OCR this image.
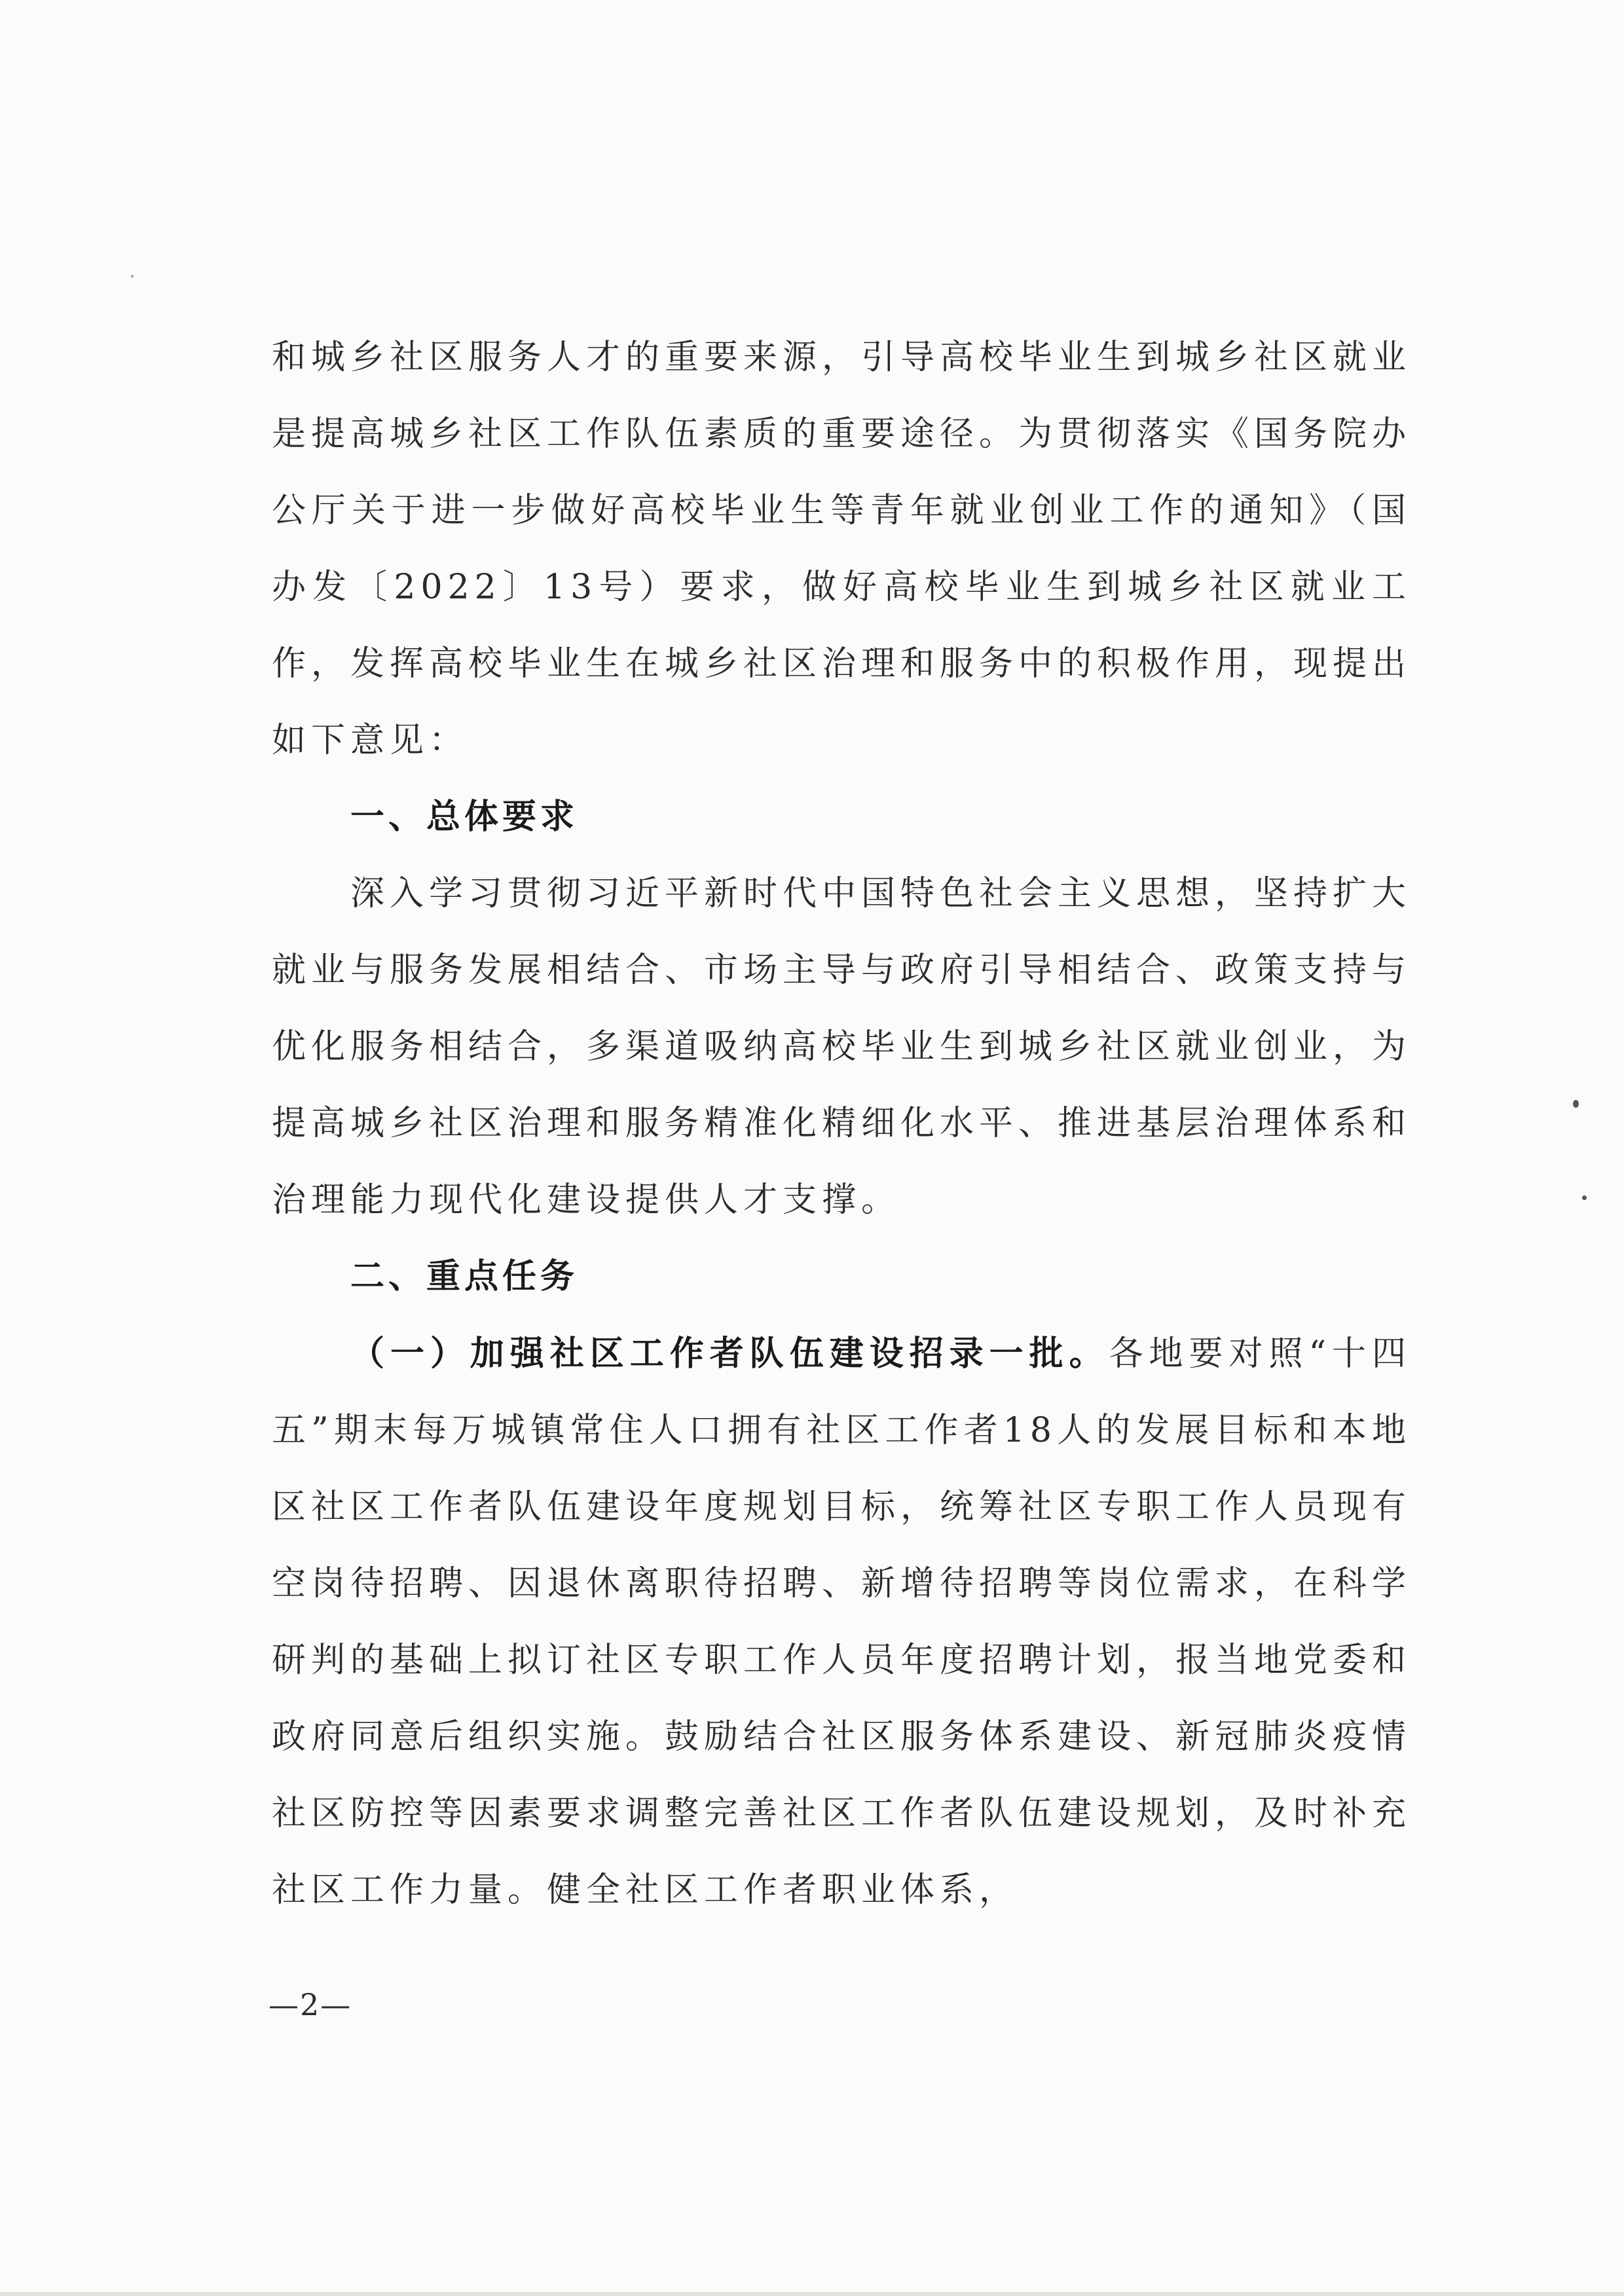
和城乡社区服务人才的重要来源，引导高校毕业生到城乡社区就业是提高城乡社区工作队伍素质的重要途径。为贯彻落实《国务院办公厅关于进一步做好高校毕业生等青年就业创业工作的通知》（国办发〔2022〕13号）要求，做好高校毕业生到城乡社区就业工作，发挥高校毕业生在城乡社区治理和服务中的积极作用，现提出如下意见：

一、总体要求

深入学习贯彻习近平新时代中国特色社会主义思想，坚持扩大就业与服务发展相结合、市场主导与政府引导相结合、政策支持与优化服务相结合，多渠道吸纳高校毕业生到城乡社区就业创业，为提高城乡社区治理和服务精准化精细化水平、推进基层治理体系和治理能力现代化建设提供人才支撑。

二、重点任务

（一）加强社区工作者队伍建设招录一批。各地要对照“十四五”期末每万城镇常住人口拥有社区工作者18人的发展目标和本地区社区工作者队伍建设年度规划目标，统筹社区专职工作人员现有空岗待招聘、因退休离职待招聘、新增待招聘等岗位需求，在科学研判的基础上拟订社区专职工作人员年度招聘计划，报当地党委和政府同意后组织实施。鼓励结合社区服务体系建设、新冠肺炎疫情社区防控等因素要求调整完善社区工作者队伍建设规划，及时补充社区工作力量。健全社区工作者职业体系，

—2—
